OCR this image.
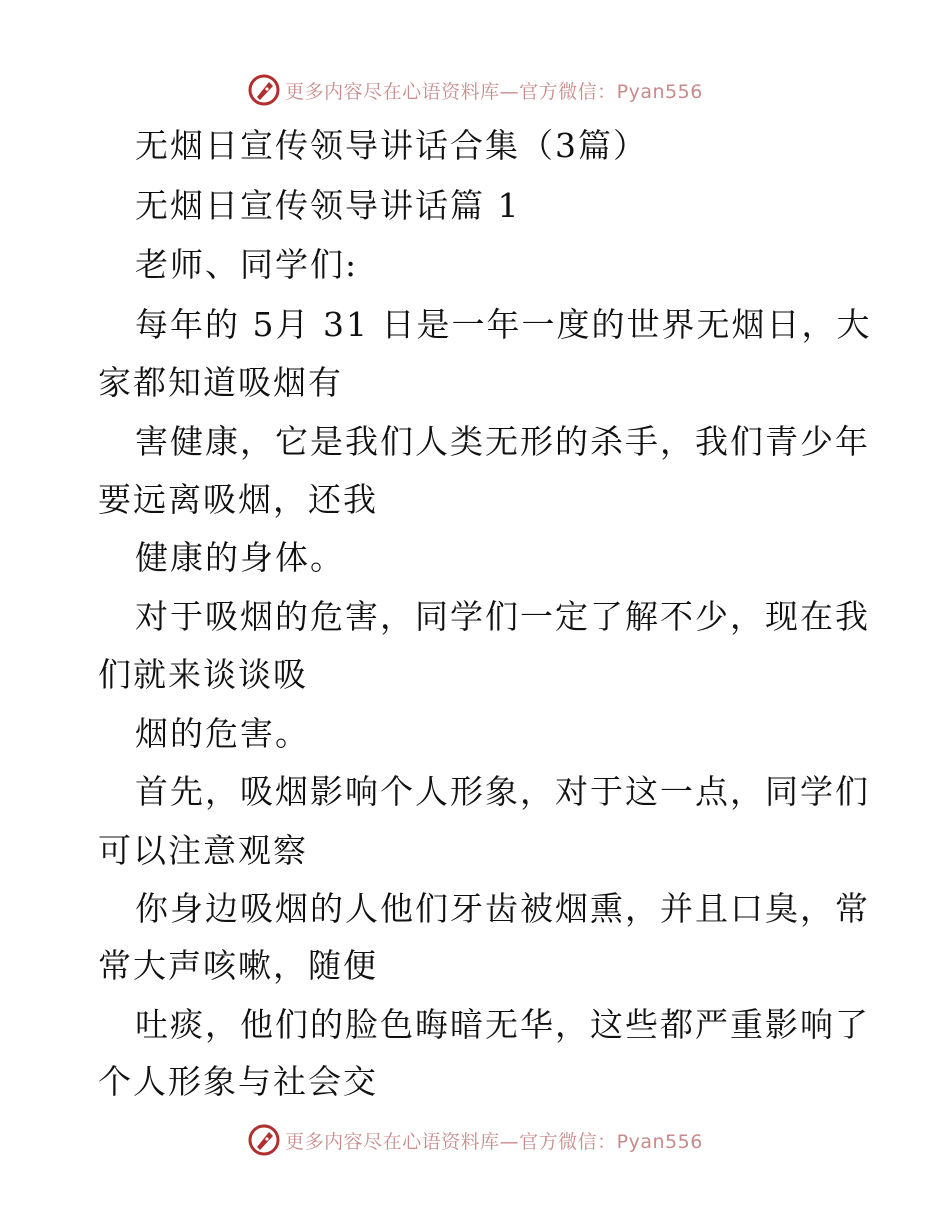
更多内容尽在心语资料库—官方微信：Pyan556
无烟日宣传领导讲话合集（3篇）
无烟日宣传领导讲话篇 1
老师、同学们:
每年的 5月 31 日是一年一度的世界无烟日，大
家都知道吸烟有
害健康，它是我们人类无形的杀手，我们青少年
要远离吸烟，还我
健康的身体。
对于吸烟的危害，同学们一定了解不少，现在我
们就来谈谈吸
烟的危害。
首先，吸烟影响个人形象，对于这一点，同学们
可以注意观察
你身边吸烟的人他们牙齿被烟熏，并且口臭，常
常大声咳嗽，随便
吐痰，他们的脸色晦暗无华，这些都严重影响了
个人形象与社会交
更多内容尽在心语资料库—官方微信：Pyan556
